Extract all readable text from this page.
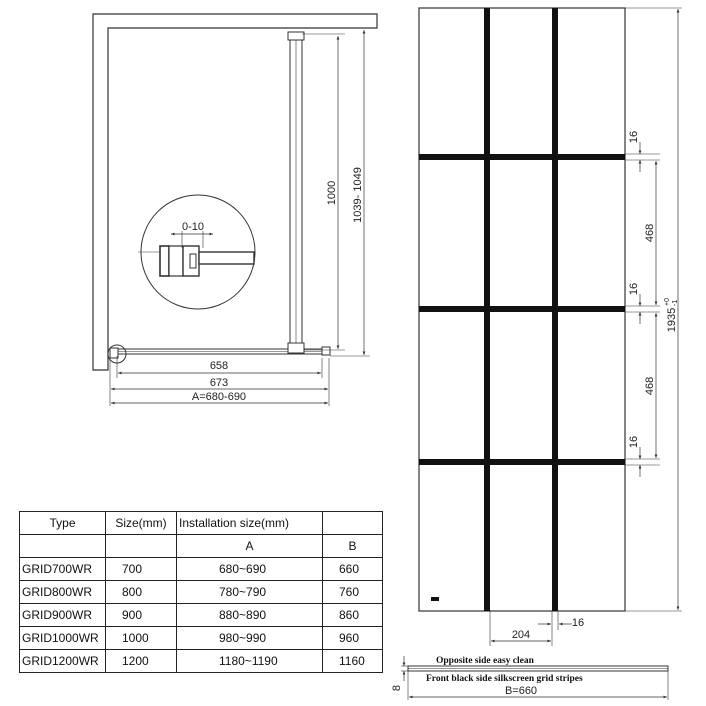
1000 1039- 1049
0-10
658
673
A=680-690
16
468
16
468
16
1935
+0 -1
204
16
Opposite side easy clean
Front black side silkscreen grid stripes
8	B=660
Type	Size(mm)	Installation size(mm)	
		A	B
GRID700WR	700	680~690	660
GRID800WR	800	780~790	760
GRID900WR	900	880~890	860
GRID1000WR	1000	980~990	960
GRID1200WR	1200	1180~1190	1160
